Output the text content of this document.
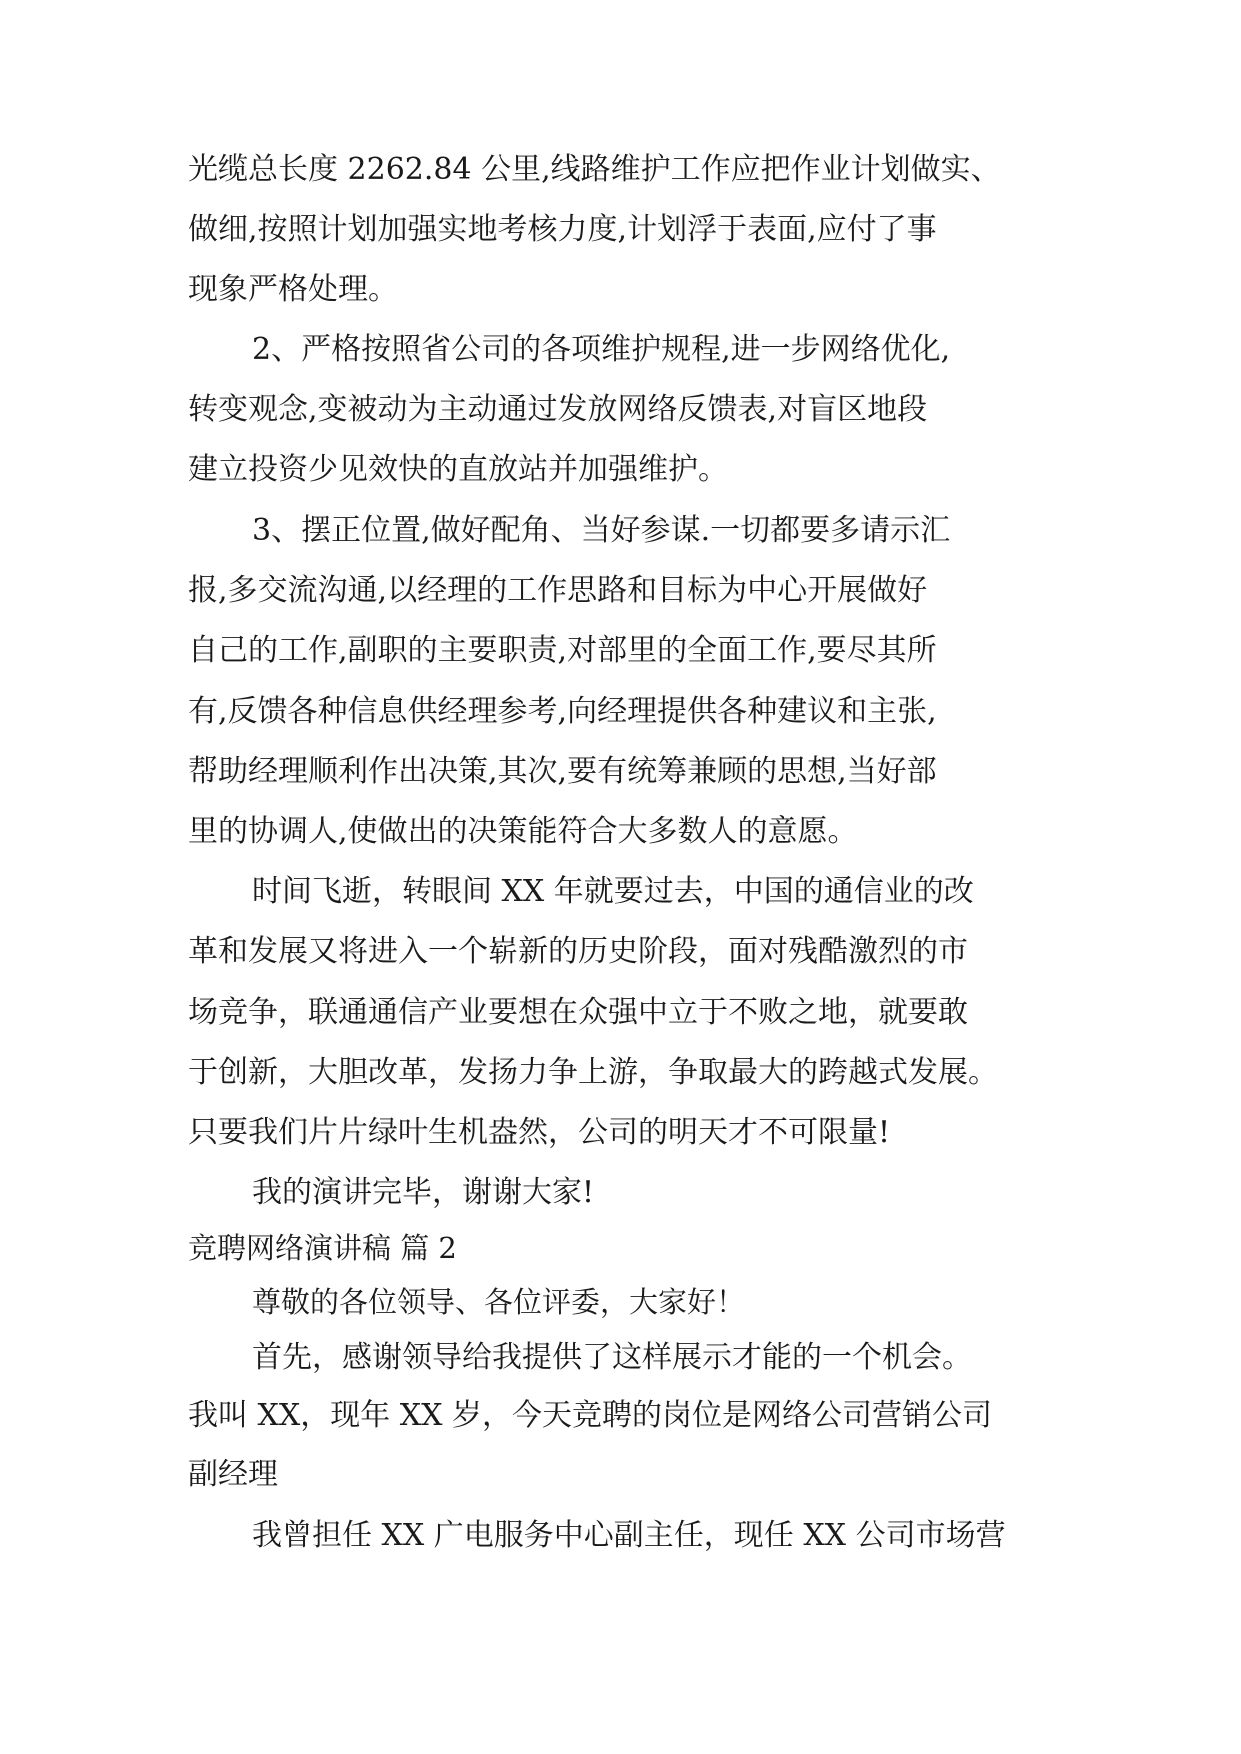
光缆总长度 2262.84 公里,线路维护工作应把作业计划做实、
做细,按照计划加强实地考核力度,计划浮于表面,应付了事
现象严格处理。
2、严格按照省公司的各项维护规程,进一步网络优化,
转变观念,变被动为主动通过发放网络反馈表,对盲区地段
建立投资少见效快的直放站并加强维护。
3、摆正位置,做好配角、当好参谋.一切都要多请示汇
报,多交流沟通,以经理的工作思路和目标为中心开展做好
自己的工作,副职的主要职责,对部里的全面工作,要尽其所
有,反馈各种信息供经理参考,向经理提供各种建议和主张,
帮助经理顺利作出决策,其次,要有统筹兼顾的思想,当好部
里的协调人,使做出的决策能符合大多数人的意愿。
时间飞逝，转眼间 XX 年就要过去，中国的通信业的改
革和发展又将进入一个崭新的历史阶段，面对残酷激烈的市
场竞争，联通通信产业要想在众强中立于不败之地，就要敢
于创新，大胆改革，发扬力争上游，争取最大的跨越式发展。
只要我们片片绿叶生机盎然，公司的明天才不可限量!
我的演讲完毕，谢谢大家!
竞聘网络演讲稿 篇 2
尊敬的各位领导、各位评委，大家好！
首先，感谢领导给我提供了这样展示才能的一个机会。
我叫 XX，现年 XX 岁，今天竞聘的岗位是网络公司营销公司
副经理
我曾担任 XX 广电服务中心副主任，现任 XX 公司市场营
